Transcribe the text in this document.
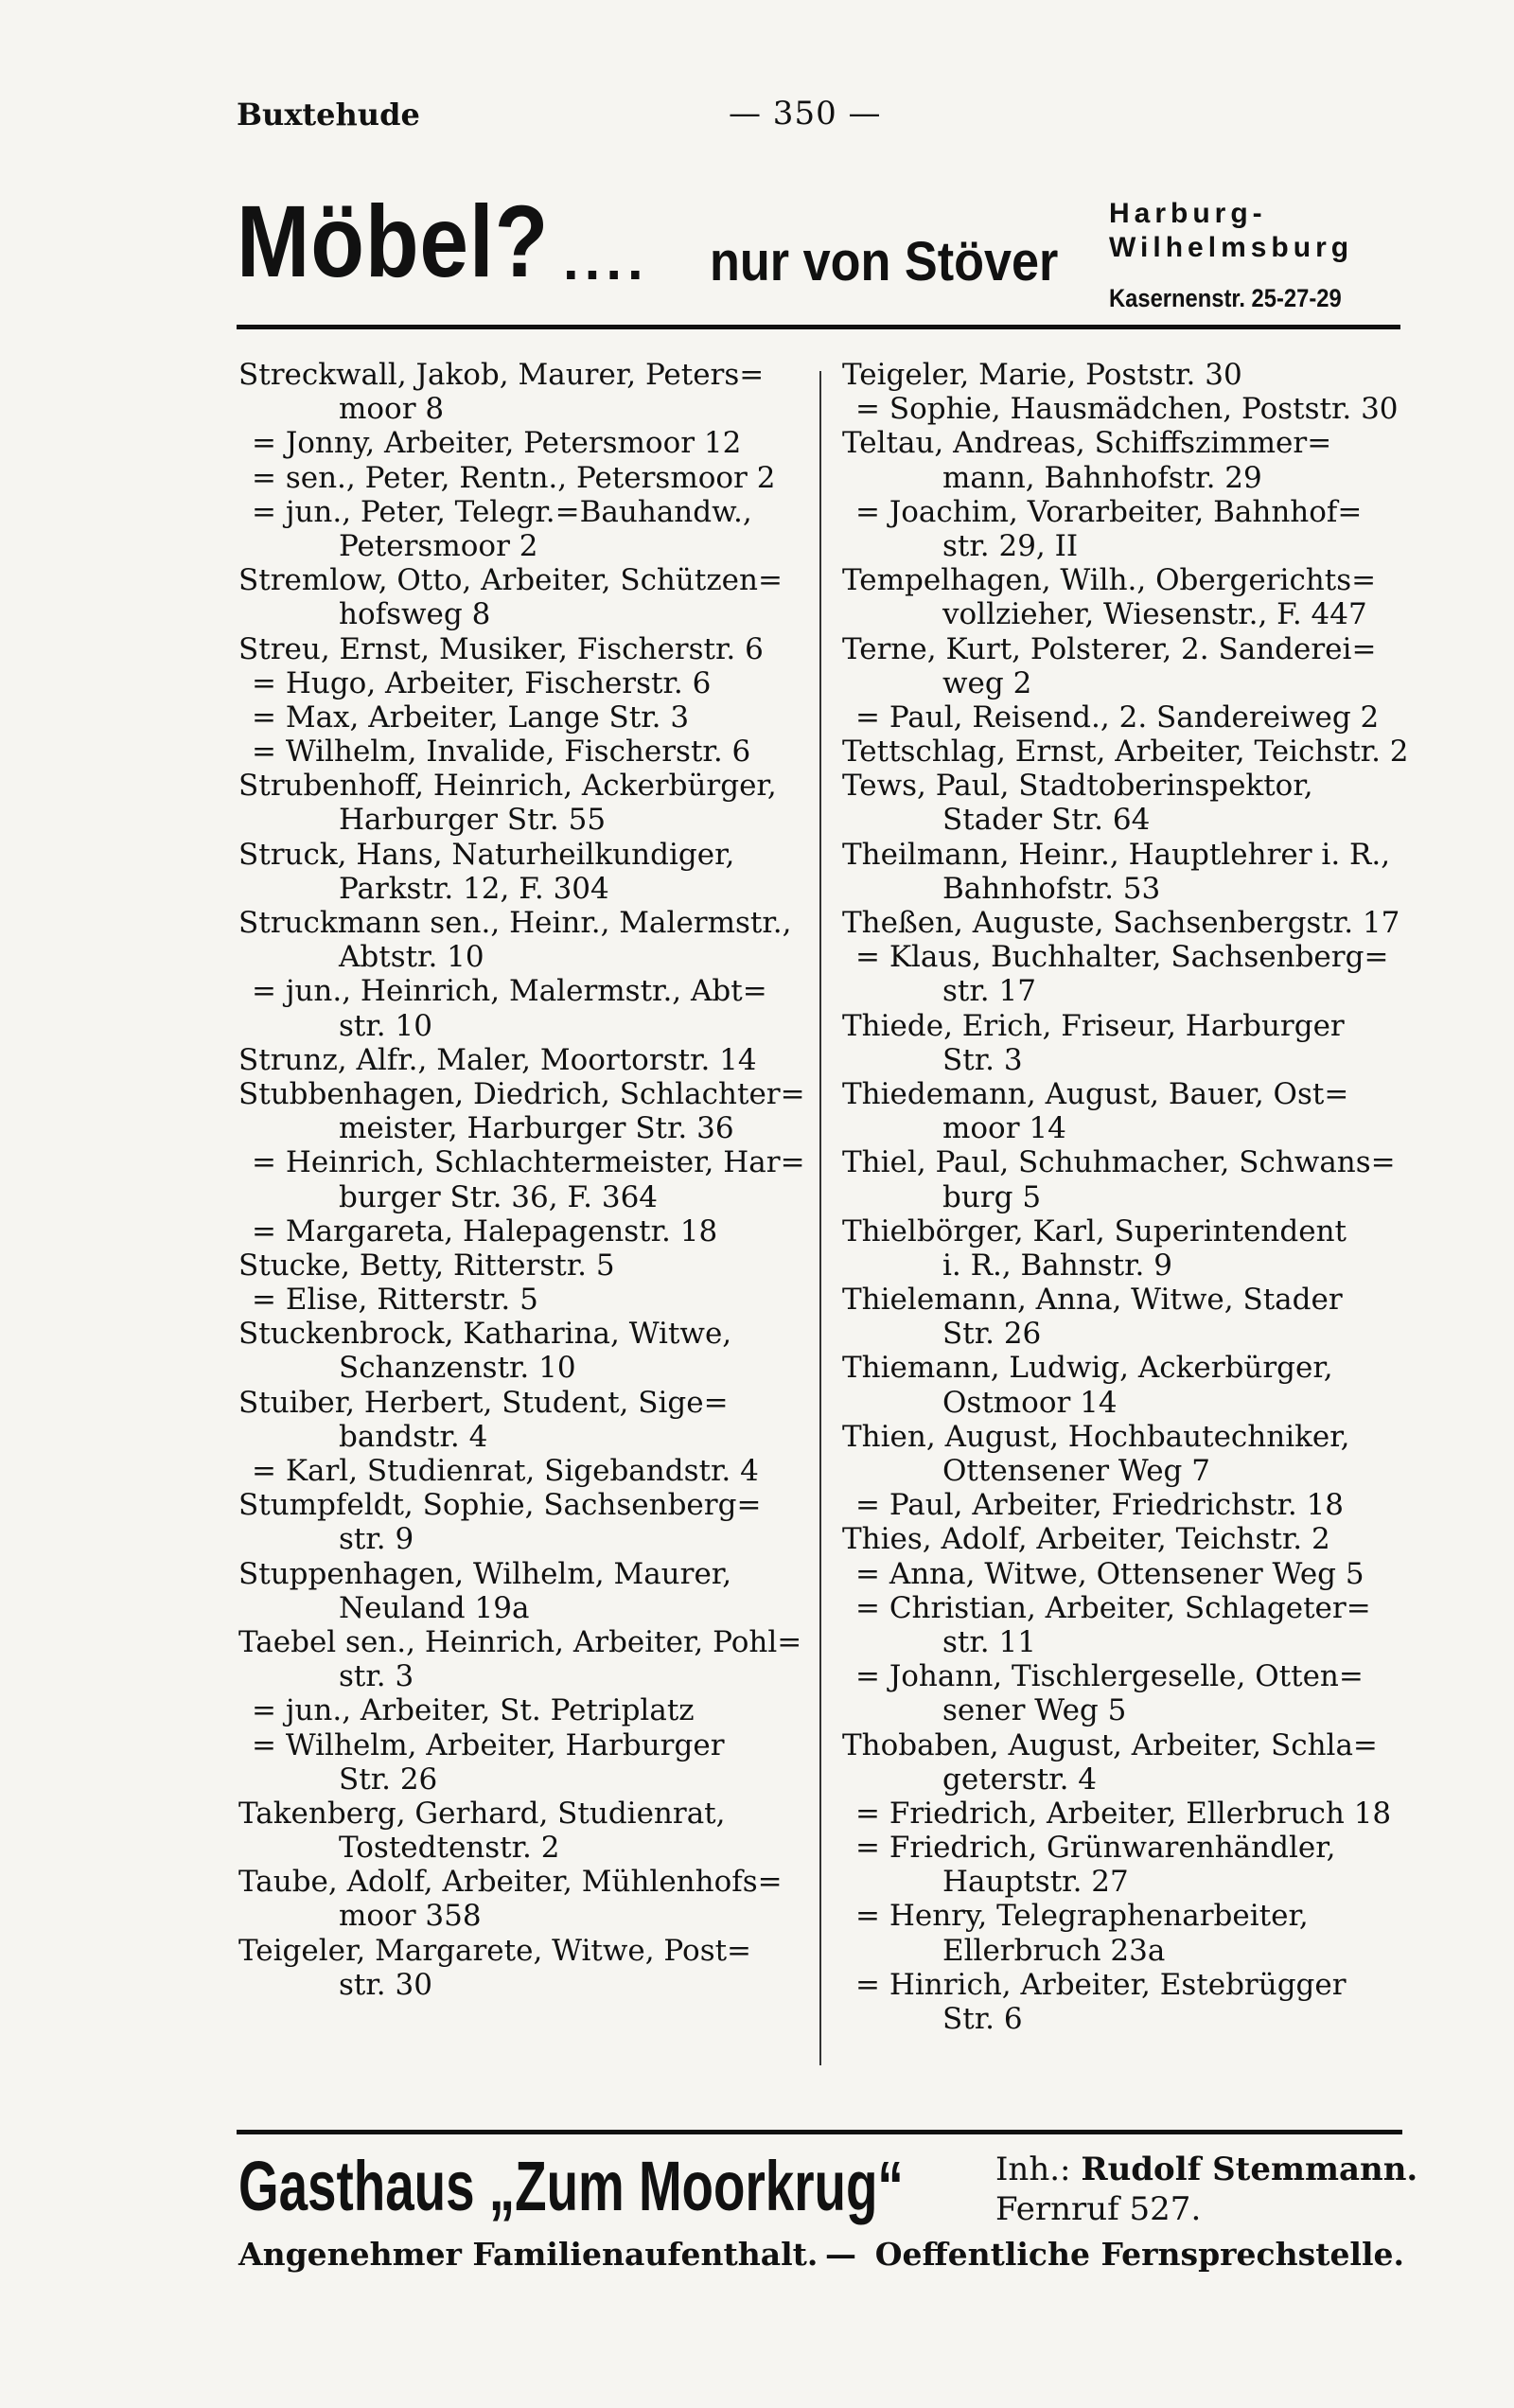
Buxtehude	— 350 —
Möbel? .... nur von Stöver
Harburg-
Wilhelmsburg
Kasernenstr. 25-27-29
Streckwall, Jakob, Maurer, Peters=
moor 8
= Jonny, Arbeiter, Petersmoor 12
= sen., Peter, Rentn., Petersmoor 2
= jun., Peter, Telegr.=Bauhandw.,
Petersmoor 2
Stremlow, Otto, Arbeiter, Schützen=
hofsweg 8
Streu, Ernst, Musiker, Fischerstr. 6
= Hugo, Arbeiter, Fischerstr. 6
= Max, Arbeiter, Lange Str. 3
= Wilhelm, Invalide, Fischerstr. 6
Strubenhoff, Heinrich, Ackerbürger,
Harburger Str. 55
Struck, Hans, Naturheilkundiger,
Parkstr. 12, F. 304
Struckmann sen., Heinr., Malermstr.,
Abtstr. 10
= jun., Heinrich, Malermstr., Abt=
str. 10
Strunz, Alfr., Maler, Moortorstr. 14
Stubbenhagen, Diedrich, Schlachter=
meister, Harburger Str. 36
= Heinrich, Schlachtermeister, Har=
burger Str. 36, F. 364
= Margareta, Halepagenstr. 18
Stucke, Betty, Ritterstr. 5
= Elise, Ritterstr. 5
Stuckenbrock, Katharina, Witwe,
Schanzenstr. 10
Stuiber, Herbert, Student, Sige=
bandstr. 4
= Karl, Studienrat, Sigebandstr. 4
Stumpfeldt, Sophie, Sachsenberg=
str. 9
Stuppenhagen, Wilhelm, Maurer,
Neuland 19a
Taebel sen., Heinrich, Arbeiter, Pohl=
str. 3
= jun., Arbeiter, St. Petriplatz
= Wilhelm, Arbeiter, Harburger
Str. 26
Takenberg, Gerhard, Studienrat,
Tostedtenstr. 2
Taube, Adolf, Arbeiter, Mühlenhofs=
moor 358
Teigeler, Margarete, Witwe, Post=
str. 30
Teigeler, Marie, Poststr. 30
= Sophie, Hausmädchen, Poststr. 30
Teltau, Andreas, Schiffszimmer=
mann, Bahnhofstr. 29
= Joachim, Vorarbeiter, Bahnhof=
str. 29, II
Tempelhagen, Wilh., Obergerichts=
vollzieher, Wiesenstr., F. 447
Terne, Kurt, Polsterer, 2. Sanderei=
weg 2
= Paul, Reisend., 2. Sandereiweg 2
Tettschlag, Ernst, Arbeiter, Teichstr. 2
Tews, Paul, Stadtoberinspektor,
Stader Str. 64
Theilmann, Heinr., Hauptlehrer i. R.,
Bahnhofstr. 53
Theßen, Auguste, Sachsenbergstr. 17
= Klaus, Buchhalter, Sachsenberg=
str. 17
Thiede, Erich, Friseur, Harburger
Str. 3
Thiedemann, August, Bauer, Ost=
moor 14
Thiel, Paul, Schuhmacher, Schwans=
burg 5
Thielbörger, Karl, Superintendent
i. R., Bahnstr. 9
Thielemann, Anna, Witwe, Stader
Str. 26
Thiemann, Ludwig, Ackerbürger,
Ostmoor 14
Thien, August, Hochbautechniker,
Ottensener Weg 7
= Paul, Arbeiter, Friedrichstr. 18
Thies, Adolf, Arbeiter, Teichstr. 2
= Anna, Witwe, Ottensener Weg 5
= Christian, Arbeiter, Schlageter=
str. 11
= Johann, Tischlergeselle, Otten=
sener Weg 5
Thobaben, August, Arbeiter, Schla=
geterstr. 4
= Friedrich, Arbeiter, Ellerbruch 18
= Friedrich, Grünwarenhändler,
Hauptstr. 27
= Henry, Telegraphenarbeiter,
Ellerbruch 23a
= Hinrich, Arbeiter, Estebrügger
Str. 6
Gasthaus „Zum Moorkrug“	Inh.: Rudolf Stemmann.
Fernruf 527.
Angenehmer Familienaufenthalt. — Oeffentliche Fernsprechstelle.
